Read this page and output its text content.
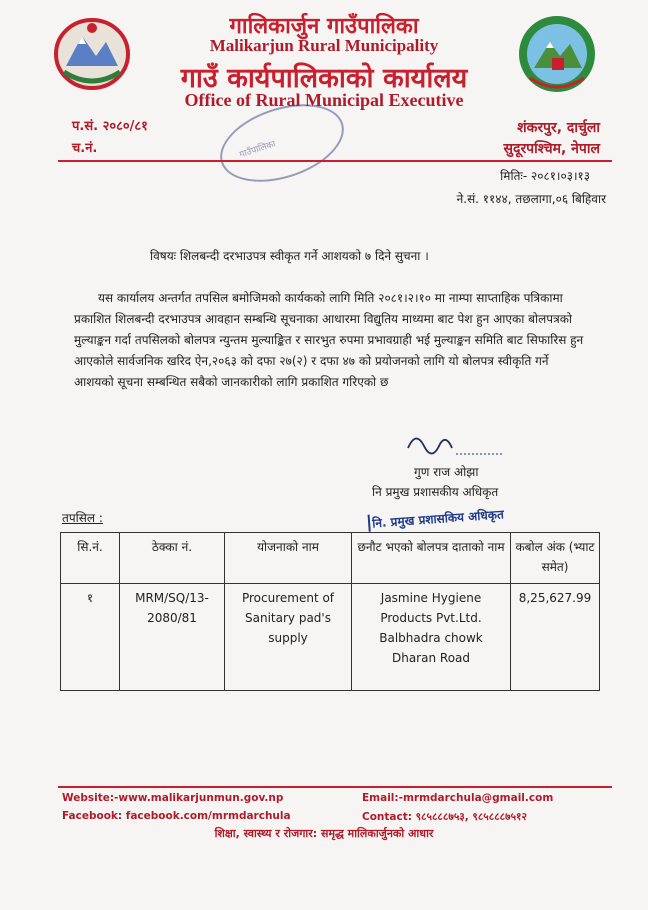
गालिकार्जुन गाउँपालिका
Malikarjun Rural Municipality
गाउँ कार्यपालिकाको कार्यालय
Office of Rural Municipal Executive
प.सं. २०८०/८१
च.नं.
शंकरपुर, दार्चुला
सुदूरपश्चिम, नेपाल
गाउँपालिका
मितिः- २०८१।०३।१३
ने.सं. ११४४, तछलागा,०६ बिहिवार
विषयः शिलबन्दी दरभाउपत्र स्वीकृत गर्ने आशयको ७ दिने सुचना ।
यस कार्यालय अन्तर्गत तपसिल बमोजिमको कार्यकको लागि मिति २०८१।२।१० मा नाम्पा साप्ताहिक पत्रिकामा प्रकाशित शिलबन्दी दरभाउपत्र आवहान सम्बन्धि सूचनाका आधारमा विद्युतिय माध्यमा बाट पेश हुन आएका बोलपत्रको मुल्याङ्कन गर्दा तपसिलको बोलपत्र न्युन्तम मुल्याङ्कित र सारभुत रुपमा प्रभावग्राही भई मुल्याङ्कन समिति बाट सिफारिस हुन आएकोले सार्वजनिक खरिद ऐन,२०६३ को दफा २७(२) र दफा ४७ को प्रयोजनको लागि यो बोलपत्र स्वीकृति गर्ने आशयको सूचना सम्बन्धित सबैको जानकारीको लागि प्रकाशित गरिएको छ
गुण राज ओझा
नि प्रमुख प्रशासकीय अधिकृत
नि. प्रमुख प्रशासकिय अधिकृत
तपसिल :
सि.नं.	ठेक्का नं.	योजनाको नाम	छनौट भएको बोलपत्र दाताको नाम	कबोल अंक (भ्याट समेत)
१	MRM/SQ/13-2080/81	Procurement of Sanitary pad's supply	Jasmine Hygiene Products Pvt.Ltd. Balbhadra chowk Dharan Road	8,25,627.99
Website:-www.malikarjunmun.gov.np
Facebook: facebook.com/mrmdarchula
Email:-mrmdarchula@gmail.com
Contact: ९८५८८८७५३, ९८५८८८७५१२
शिक्षा, स्वास्थ्य र रोजगार: समृद्ध मालिकार्जुनको आधार
